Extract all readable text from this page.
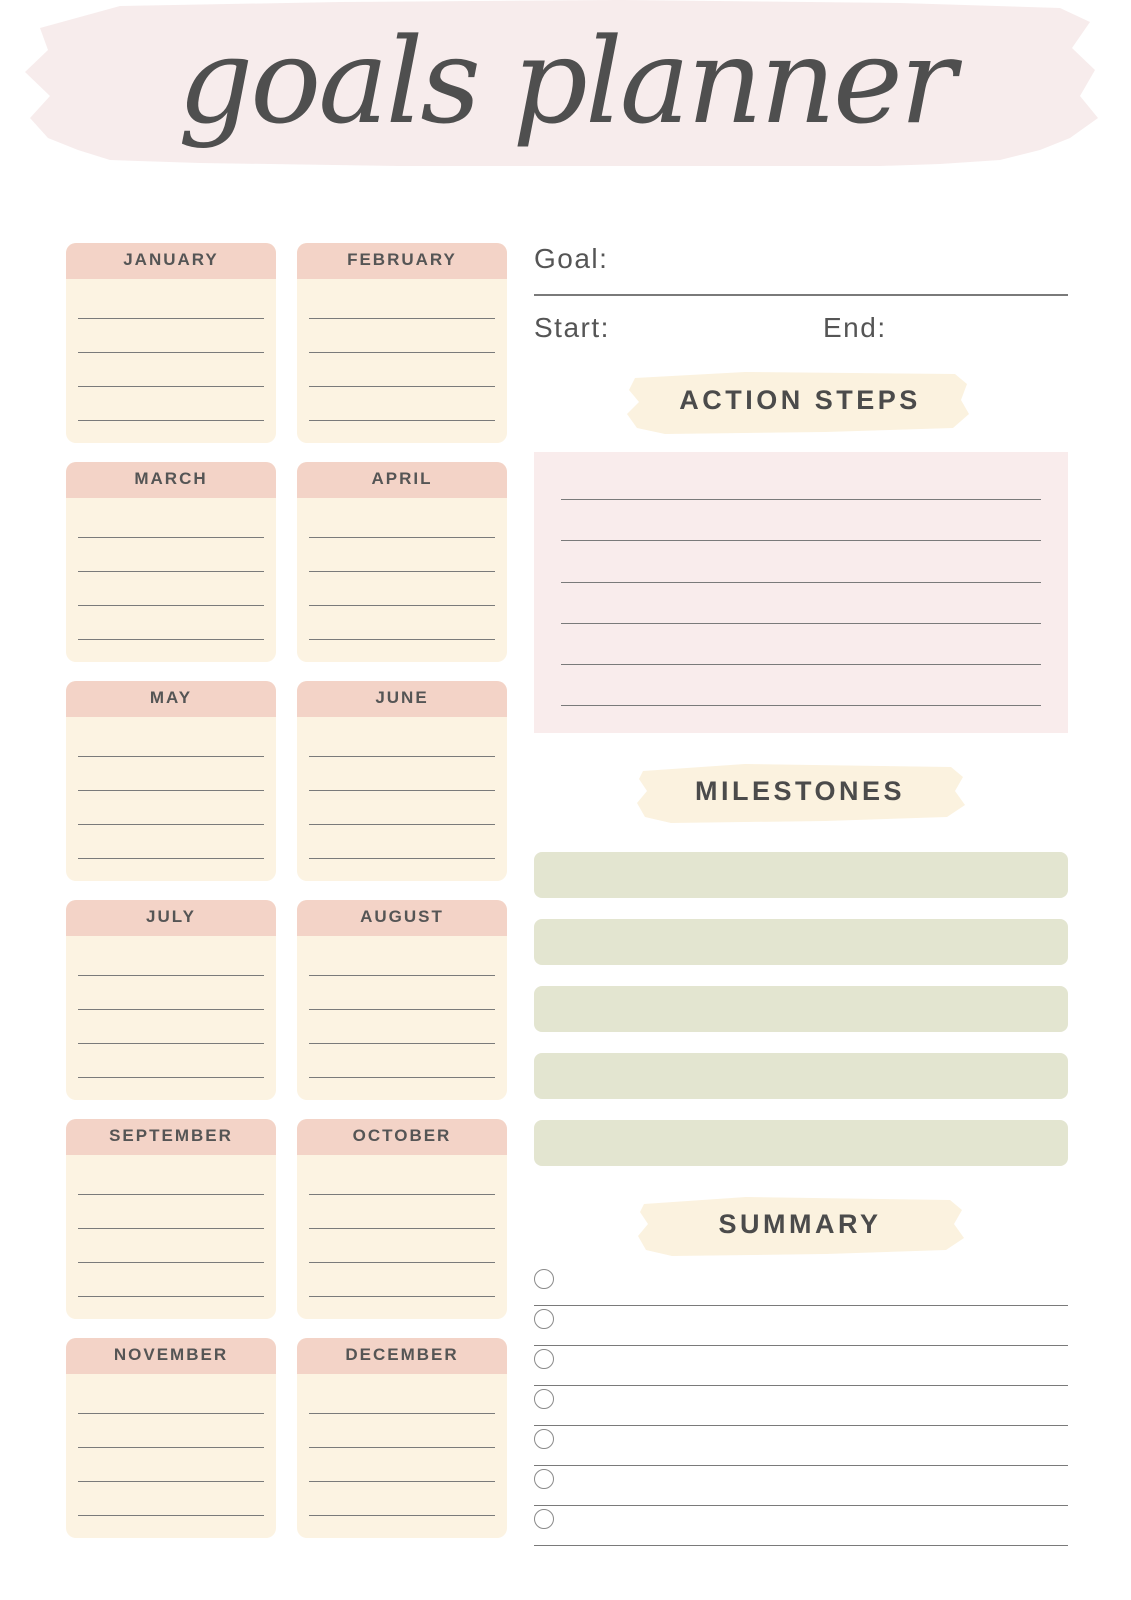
goals planner
JANUARY	FEBRUARY
MARCH	APRIL
MAY	JUNE
JULY	AUGUST
SEPTEMBER	OCTOBER
NOVEMBER	DECEMBER
Goal:
Start:	End:
ACTION STEPS
MILESTONES
SUMMARY
